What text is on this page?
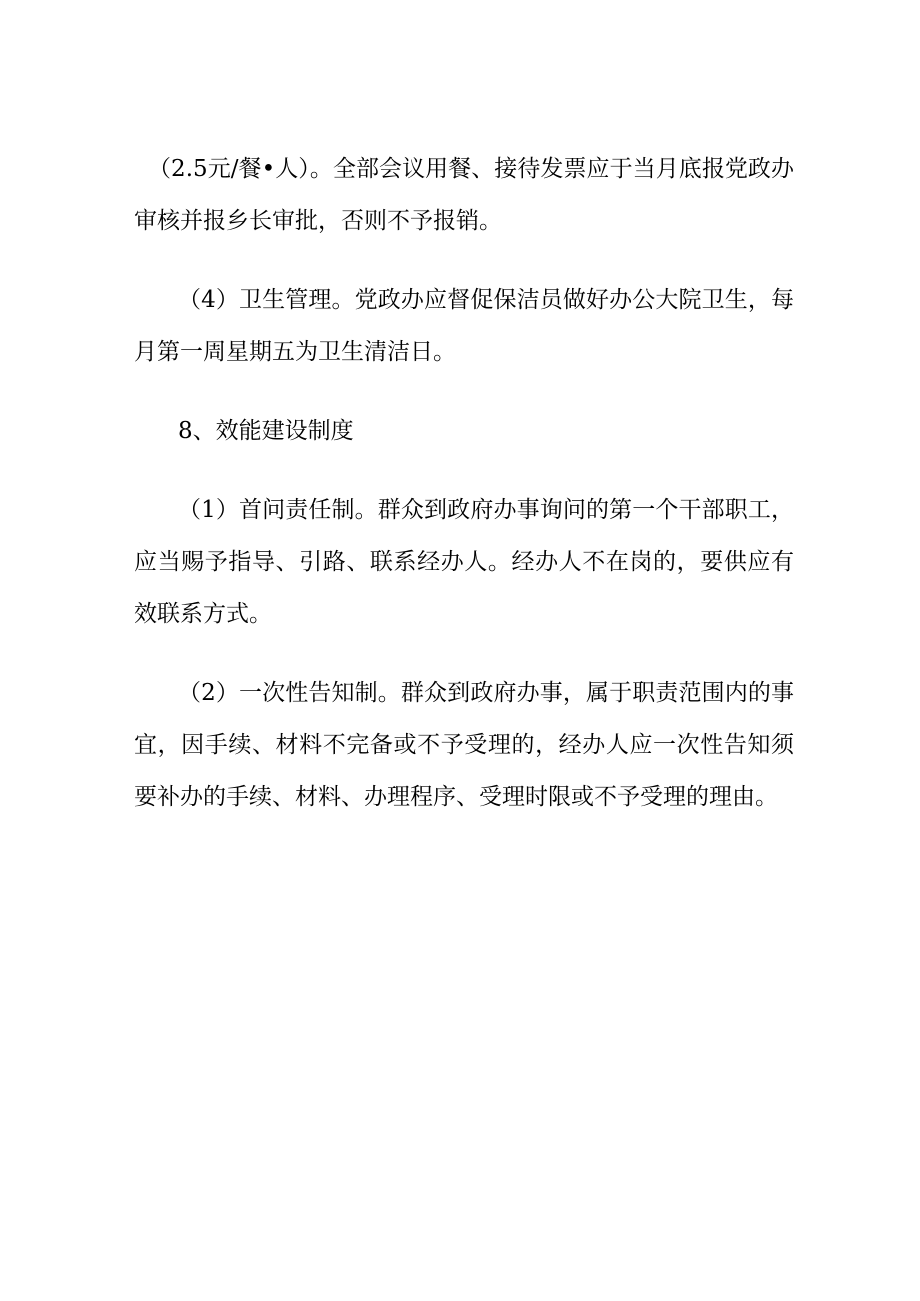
（2.5元/餐•人）。全部会议用餐、接待发票应于当月底报党政办审核并报乡长审批，否则不予报销。

（4）卫生管理。党政办应督促保洁员做好办公大院卫生，每月第一周星期五为卫生清洁日。

8、效能建设制度

（1）首问责任制。群众到政府办事询问的第一个干部职工，应当赐予指导、引路、联系经办人。经办人不在岗的，要供应有效联系方式。

（2）一次性告知制。群众到政府办事，属于职责范围内的事宜，因手续、材料不完备或不予受理的，经办人应一次性告知须要补办的手续、材料、办理程序、受理时限或不予受理的理由。
